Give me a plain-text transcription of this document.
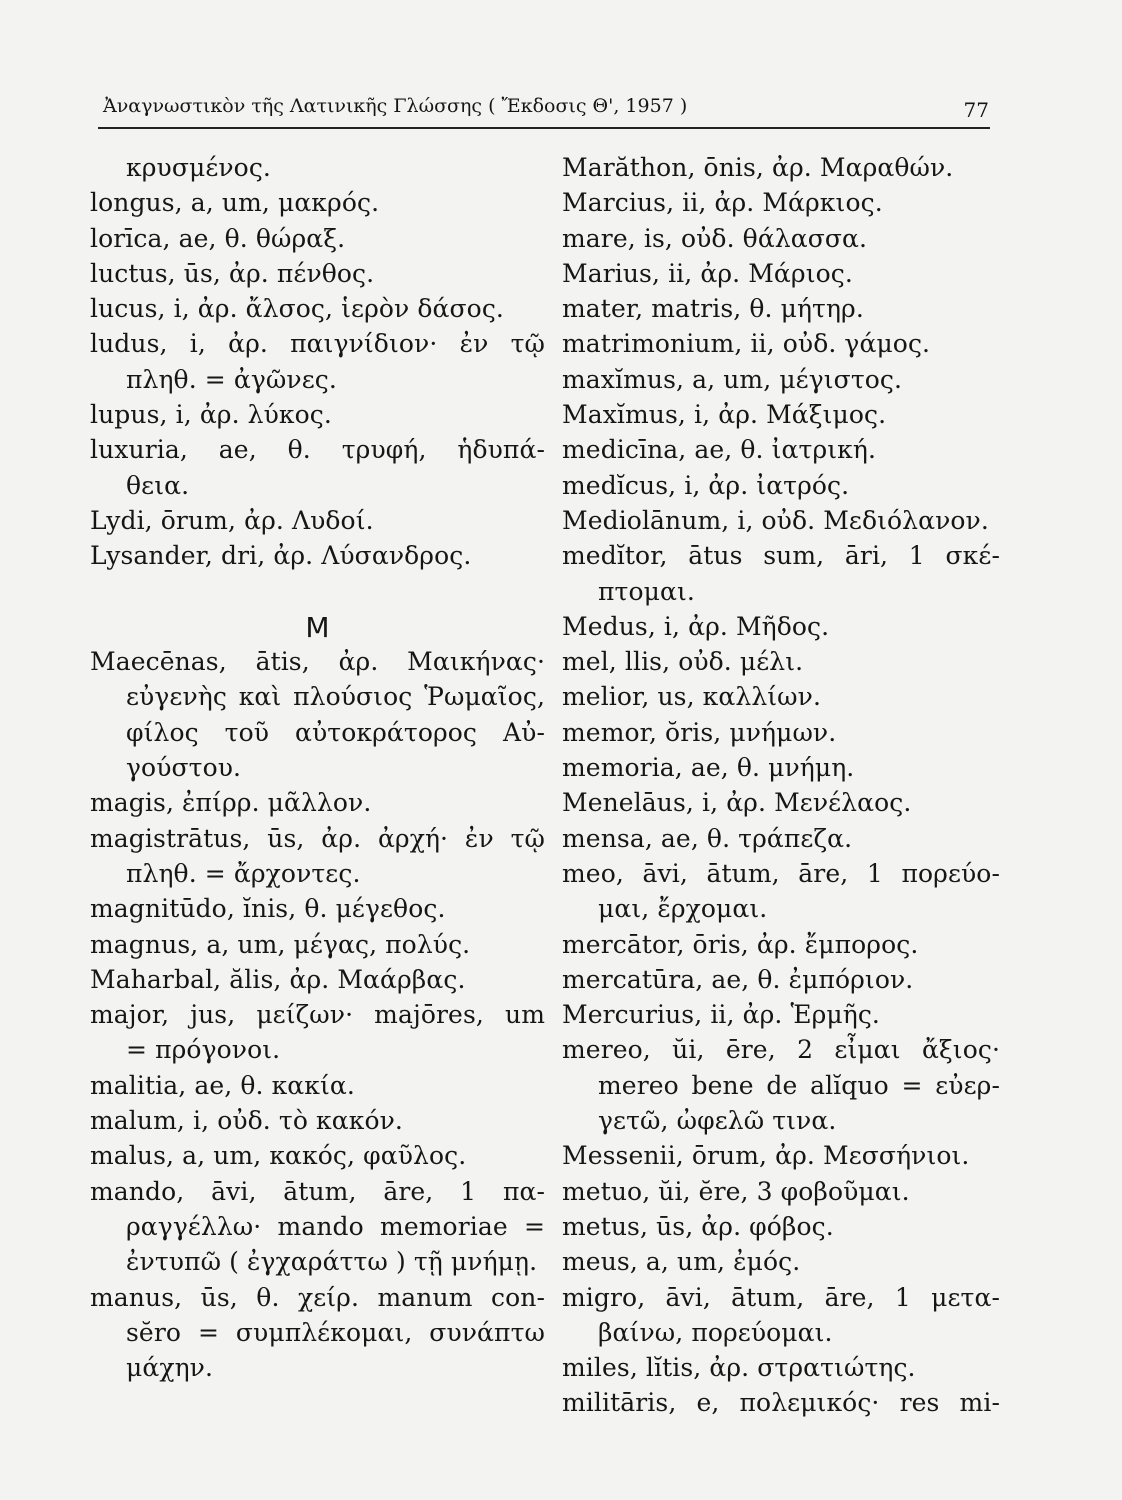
Ἀναγνωστικὸν τῆς Λατινικῆς Γλώσσης ( Ἔκδοσις Θ', 1957 )	77
κρυσμένος.
longus, a, um, μακρός.
lorīca, ae, θ. θώραξ.
luctus, ūs, ἀρ. πένθος.
lucus, i, ἀρ. ἄλσος, ἱερὸν δάσος.
ludus, i, ἀρ. παιγνίδιον· ἐν τῷ
πληθ. = ἀγῶνες.
lupus, i, ἀρ. λύκος.
luxuria, ae, θ. τρυφή, ἡδυπά-
θεια.
Lydi, ōrum, ἀρ. Λυδοί.
Lysander, dri, ἀρ. Λύσανδρος.
M
Maecēnas, ātis, ἀρ. Μαικήνας·
εὐγενὴς καὶ πλούσιος Ῥωμαῖος,
φίλος τοῦ αὐτοκράτορος Αὐ-
γούστου.
magis, ἐπίρρ. μᾶλλον.
magistrātus, ūs, ἀρ. ἀρχή· ἐν τῷ
πληθ. = ἄρχοντες.
magnitūdo, ĭnis, θ. μέγεθος.
magnus, a, um, μέγας, πολύς.
Maharbal, ălis, ἀρ. Μαάρβας.
major, jus, μείζων· majōres, um
= πρόγονοι.
malitia, ae, θ. κακία.
malum, i, οὐδ. τὸ κακόν.
malus, a, um, κακός, φαῦλος.
mando, āvi, ātum, āre, 1 πα-
ραγγέλλω· mando memoriae =
ἐντυπῶ ( ἐγχαράττω ) τῇ μνήμῃ.
manus, ūs, θ. χείρ. manum con-
sĕro = συμπλέκομαι, συνάπτω
μάχην.
Marăthon, ōnis, ἀρ. Μαραθών.
Marcius, ii, ἀρ. Μάρκιος.
mare, is, οὐδ. θάλασσα.
Marius, ii, ἀρ. Μάριος.
mater, matris, θ. μήτηρ.
matrimonium, ii, οὐδ. γάμος.
maxĭmus, a, um, μέγιστος.
Maxĭmus, i, ἀρ. Μάξιμος.
medicīna, ae, θ. ἰατρική.
medĭcus, i, ἀρ. ἰατρός.
Mediolānum, i, οὐδ. Μεδιόλανον.
medĭtor, ātus sum, āri, 1 σκέ-
πτομαι.
Medus, i, ἀρ. Μῆδος.
mel, llis, οὐδ. μέλι.
melior, us, καλλίων.
memor, ŏris, μνήμων.
memoria, ae, θ. μνήμη.
Menelāus, i, ἀρ. Μενέλαος.
mensa, ae, θ. τράπεζα.
meo, āvi, ātum, āre, 1 πορεύο-
μαι, ἔρχομαι.
mercātor, ōris, ἀρ. ἔμπορος.
mercatūra, ae, θ. ἐμπόριον.
Mercurius, ii, ἀρ. Ἑρμῆς.
mereo, ŭi, ēre, 2 εἶμαι ἄξιος·
mereo bene de alĭquo = εὐερ-
γετῶ, ὠφελῶ τινα.
Messenii, ōrum, ἀρ. Μεσσήνιοι.
metuo, ŭi, ĕre, 3 φοβοῦμαι.
metus, ūs, ἀρ. φόβος.
meus, a, um, ἐμός.
migro, āvi, ātum, āre, 1 μετα-
βαίνω, πορεύομαι.
miles, lĭtis, ἀρ. στρατιώτης.
militāris, e, πολεμικός· res mi-
